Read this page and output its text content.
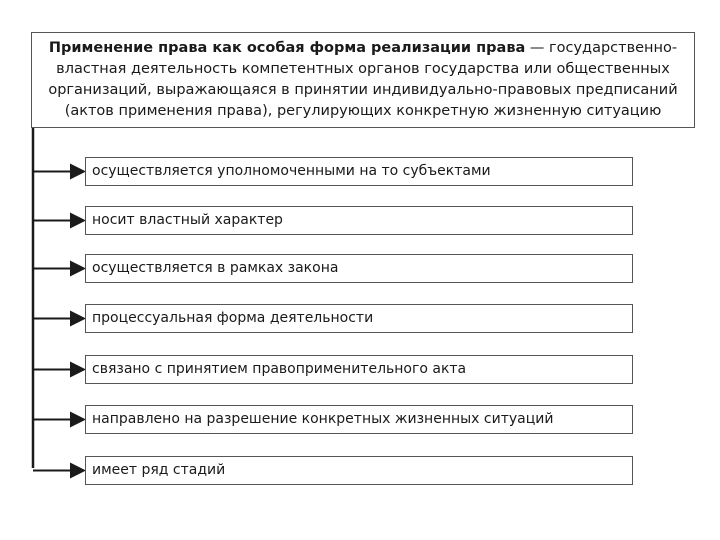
Применение права как особая форма реализации права — государственно-властная деятельность компетентных органов государства или общественных организаций, выражающаяся в принятии индивидуально-правовых предписаний (актов применения права), регулирующих конкретную жизненную ситуацию
осуществляется уполномоченными на то субъектами
носит властный характер
осуществляется в рамках закона
процессуальная форма деятельности
связано с принятием правоприменительного акта
направлено на разрешение конкретных жизненных ситуаций
имеет ряд стадий
